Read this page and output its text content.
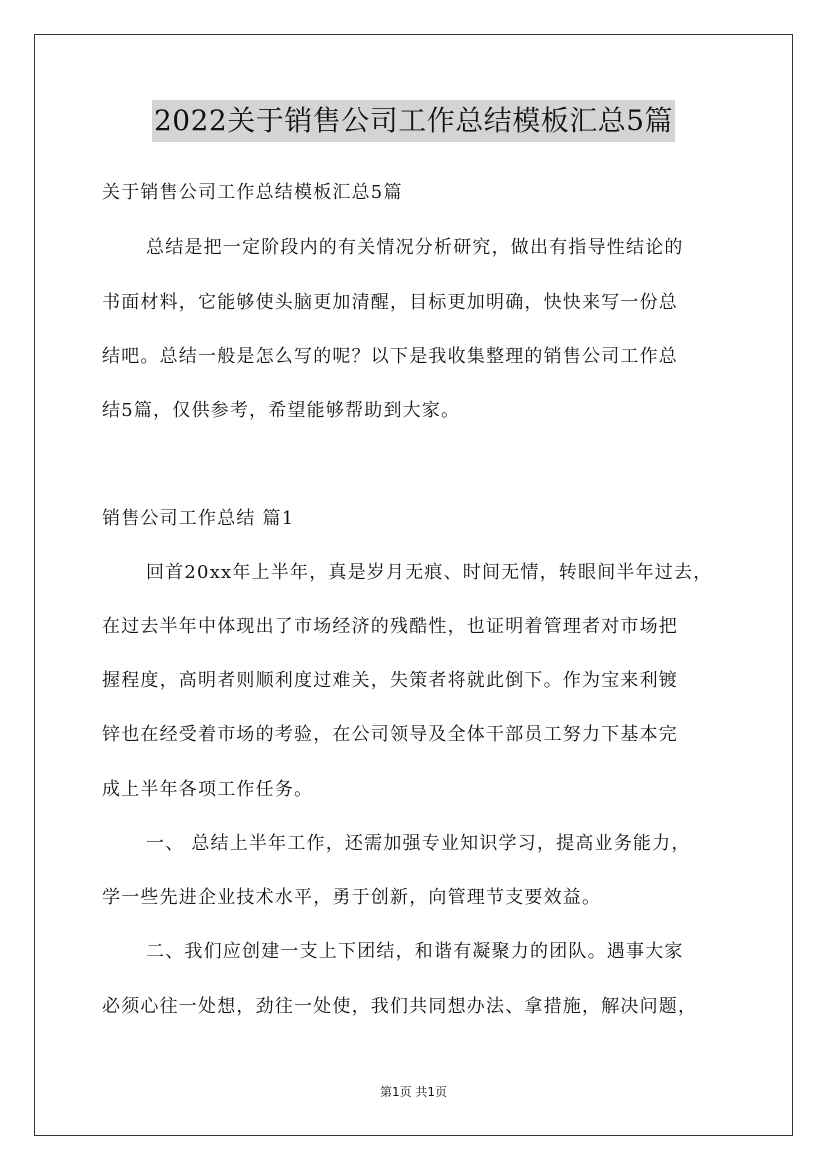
2022关于销售公司工作总结模板汇总5篇
关于销售公司工作总结模板汇总5篇
总结是把一定阶段内的有关情况分析研究，做出有指导性结论的
书面材料，它能够使头脑更加清醒，目标更加明确，快快来写一份总
结吧。总结一般是怎么写的呢？以下是我收集整理的销售公司工作总
结5篇，仅供参考，希望能够帮助到大家。
销售公司工作总结 篇1
回首20xx年上半年，真是岁月无痕、时间无情，转眼间半年过去，
在过去半年中体现出了市场经济的残酷性，也证明着管理者对市场把
握程度，高明者则顺利度过难关，失策者将就此倒下。作为宝来利镀
锌也在经受着市场的考验，在公司领导及全体干部员工努力下基本完
成上半年各项工作任务。
一、 总结上半年工作，还需加强专业知识学习，提高业务能力，
学一些先进企业技术水平，勇于创新，向管理节支要效益。
二、我们应创建一支上下团结，和谐有凝聚力的团队。遇事大家
必须心往一处想，劲往一处使，我们共同想办法、拿措施，解决问题，
第1页 共1页
